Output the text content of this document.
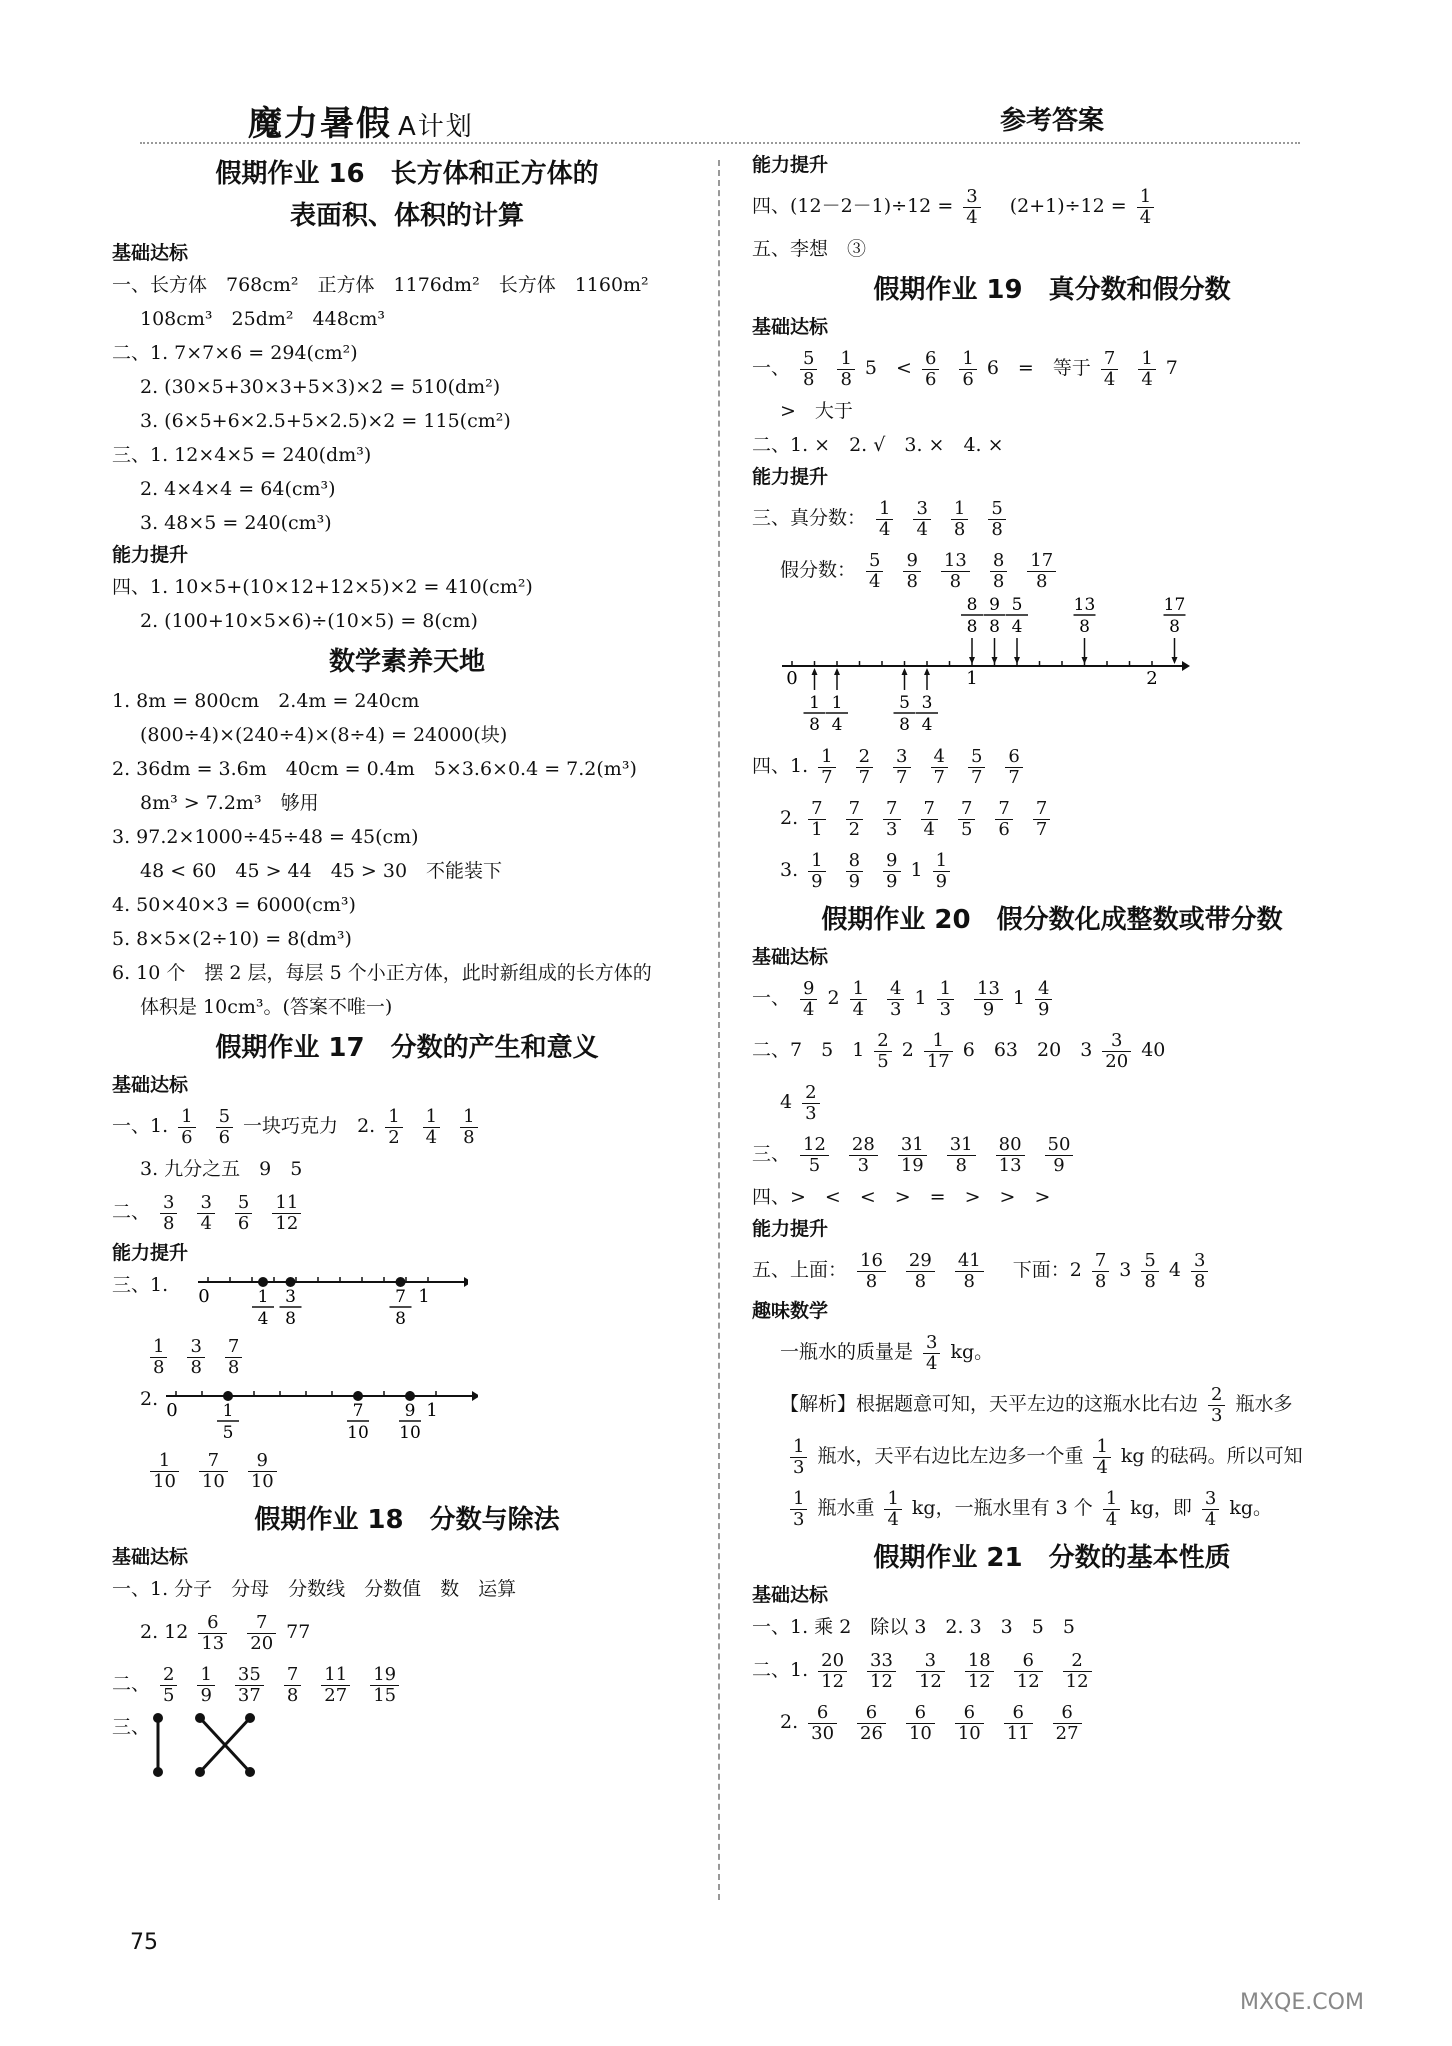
魔力暑假 A计划	参考答案
假期作业 16　长方体和正方体的
表面积、体积的计算
基础达标
一、长方体　768cm²　正方体　1176dm²　长方体　1160m²
108cm³　25dm²　448cm³
二、1. 7×7×6 = 294(cm²)
2. (30×5+30×3+5×3)×2 = 510(dm²)
3. (6×5+6×2.5+5×2.5)×2 = 115(cm²)
三、1. 12×4×5 = 240(dm³)
2. 4×4×4 = 64(cm³)
3. 48×5 = 240(cm³)
能力提升
四、1. 10×5+(10×12+12×5)×2 = 410(cm²)
2. (100+10×5×6)÷(10×5) = 8(cm)
数学素养天地
1. 8m = 800cm　2.4m = 240cm
(800÷4)×(240÷4)×(8÷4) = 24000(块)
2. 36dm = 3.6m　40cm = 0.4m　5×3.6×0.4 = 7.2(m³)
8m³ > 7.2m³　够用
3. 97.2×1000÷45÷48 = 45(cm)
48 < 60　45 > 44　45 > 30　不能装下
4. 50×40×3 = 6000(cm³)
5. 8×5×(2÷10) = 8(dm³)
6. 10 个　摆 2 层，每层 5 个小正方体，此时新组成的长方体的
体积是 10cm³。(答案不唯一)
假期作业 17　分数的产生和意义
基础达标
一、1. $\frac{1}{6} \frac{5}{6}$ 一块巧克力　 2. $\frac{1}{2} \frac{1}{4} \frac{1}{8}$
3. 九分之五　9　5
二、 $\frac{3}{8} \frac{3}{4} \frac{5}{6} \frac{11}{12}$
能力提升
三、1.
0	1
1
4
3
8
7
8
$\frac{1}{8} \frac{3}{8} \frac{7}{8}$
2.
0	1
1
5
7
10
9
10
$\frac{1}{10} \frac{7}{10} \frac{9}{10}$
假期作业 18　分数与除法
基础达标
一、1. 分子　分母　分数线　分数值　数　运算
2. $12 \frac{6}{13} \frac{7}{20} 77$
二、 $\frac{2}{5} \frac{1}{9} \frac{35}{37} \frac{7}{8} \frac{11}{27} \frac{19}{15}$
三、
能力提升
四、$(12-2-1)\div 12 = \frac{3}{4}$
　 $(2+1)\div 12 = \frac{1}{4}$
五、李想　③
假期作业 19　真分数和假分数
基础达标
一、 $\frac{5}{8} \frac{1}{8} 5$　< $\frac{6}{6} \frac{1}{6} 6$　=　等于 $\frac{7}{4} \frac{1}{4} 7$
>　大于
二、1. ×　2. √　3. ×　4. ×
能力提升
三、真分数： $\frac{1}{4} \frac{3}{4} \frac{1}{8} \frac{5}{8}$
假分数： $\frac{5}{4} \frac{9}{8} \frac{13}{8} \frac{8}{8} \frac{17}{8}$
0	1	2
8
8
9
8
5
4
13
8
17
8
1
8
1
4
5
8
3
4
四、1. $\frac{1}{7} \frac{2}{7} \frac{3}{7} \frac{4}{7} \frac{5}{7} \frac{6}{7}$
2. $\frac{7}{1} \frac{7}{2} \frac{7}{3} \frac{7}{4} \frac{7}{5} \frac{7}{6} \frac{7}{7}$
3. $\frac{1}{9} \frac{8}{9} \frac{9}{9} 1 \frac{1}{9}$
假期作业 20　假分数化成整数或带分数
基础达标
一、 $\frac{9}{4} 2 \frac{1}{4} \frac{4}{3} 1 \frac{1}{3} \frac{13}{9} 1 \frac{4}{9}$
二、7　5　$1 \frac{2}{5} 2 \frac{1}{17} 6$　63　20　$3 \frac{3}{20} 40$
$4 \frac{2}{3}$
三、 $\frac{12}{5} \frac{28}{3} \frac{31}{19} \frac{31}{8} \frac{80}{13} \frac{50}{9}$
四、>　<　<　>　=　>　>　>
能力提升
五、上面： $\frac{16}{8} \frac{29}{8} \frac{41}{8}$
　 下面：$2 \frac{7}{8} 3 \frac{5}{8} 4 \frac{3}{8}$
趣味数学
一瓶水的质量是 $\frac{3}{4}$ kg。
【解析】根据题意可知，天平左边的这瓶水比右边 $\frac{2}{3}$ 瓶水多
$\frac{1}{3}$ 瓶水，天平右边比左边多一个重 $\frac{1}{4}$ kg 的砝码。所以可知
$\frac{1}{3}$ 瓶水重 $\frac{1}{4}$ kg，一瓶水里有 3 个 $\frac{1}{4}$ kg，即 $\frac{3}{4}$ kg。
假期作业 21　分数的基本性质
基础达标
一、1. 乘 2　除以 3　2. 3　3　5　5
二、1. $\frac{20}{12} \frac{33}{12} \frac{3}{12} \frac{18}{12} \frac{6}{12} \frac{2}{12}$
2. $\frac{6}{30} \frac{6}{26} \frac{6}{10} \frac{6}{10} \frac{6}{11} \frac{6}{27}$
75
MXQE.COM
